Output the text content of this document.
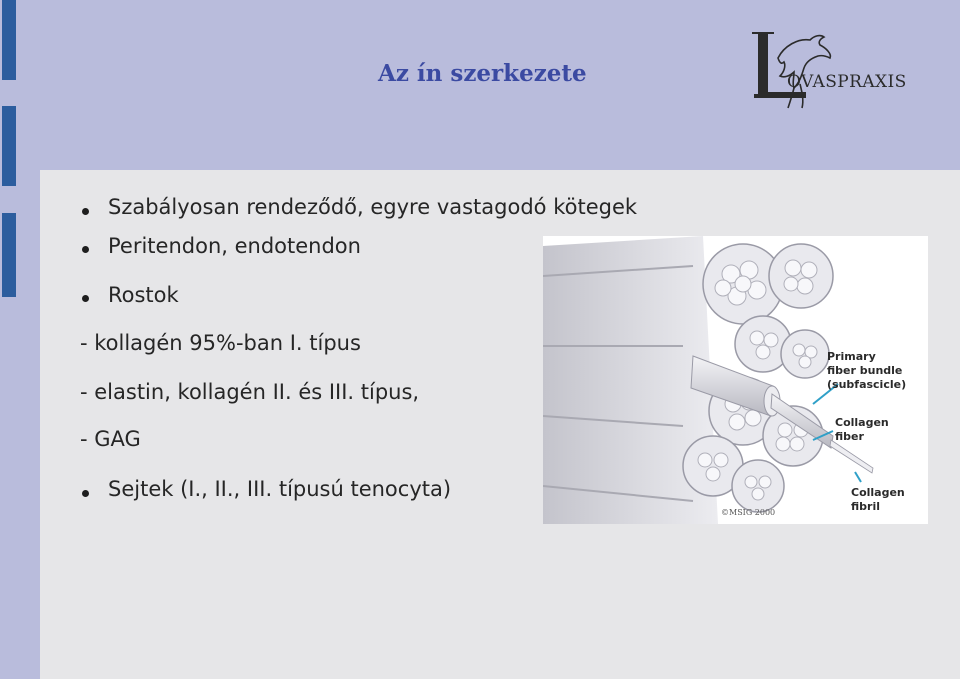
Az ín szerkezete	OVASPRAXIS
Szabályosan rendeződő, egyre vastagodó kötegek
Peritendon, endotendon
Rostok
- kollagén 95%-ban I. típus
- elastin, kollagén II. és III. típus,
- GAG
Sejtek (I., II., III. típusú tenocyta)
Primary
fiber bundle
(subfascicle)
Collagen
fiber
Collagen
fibril
©MSIG 2000
